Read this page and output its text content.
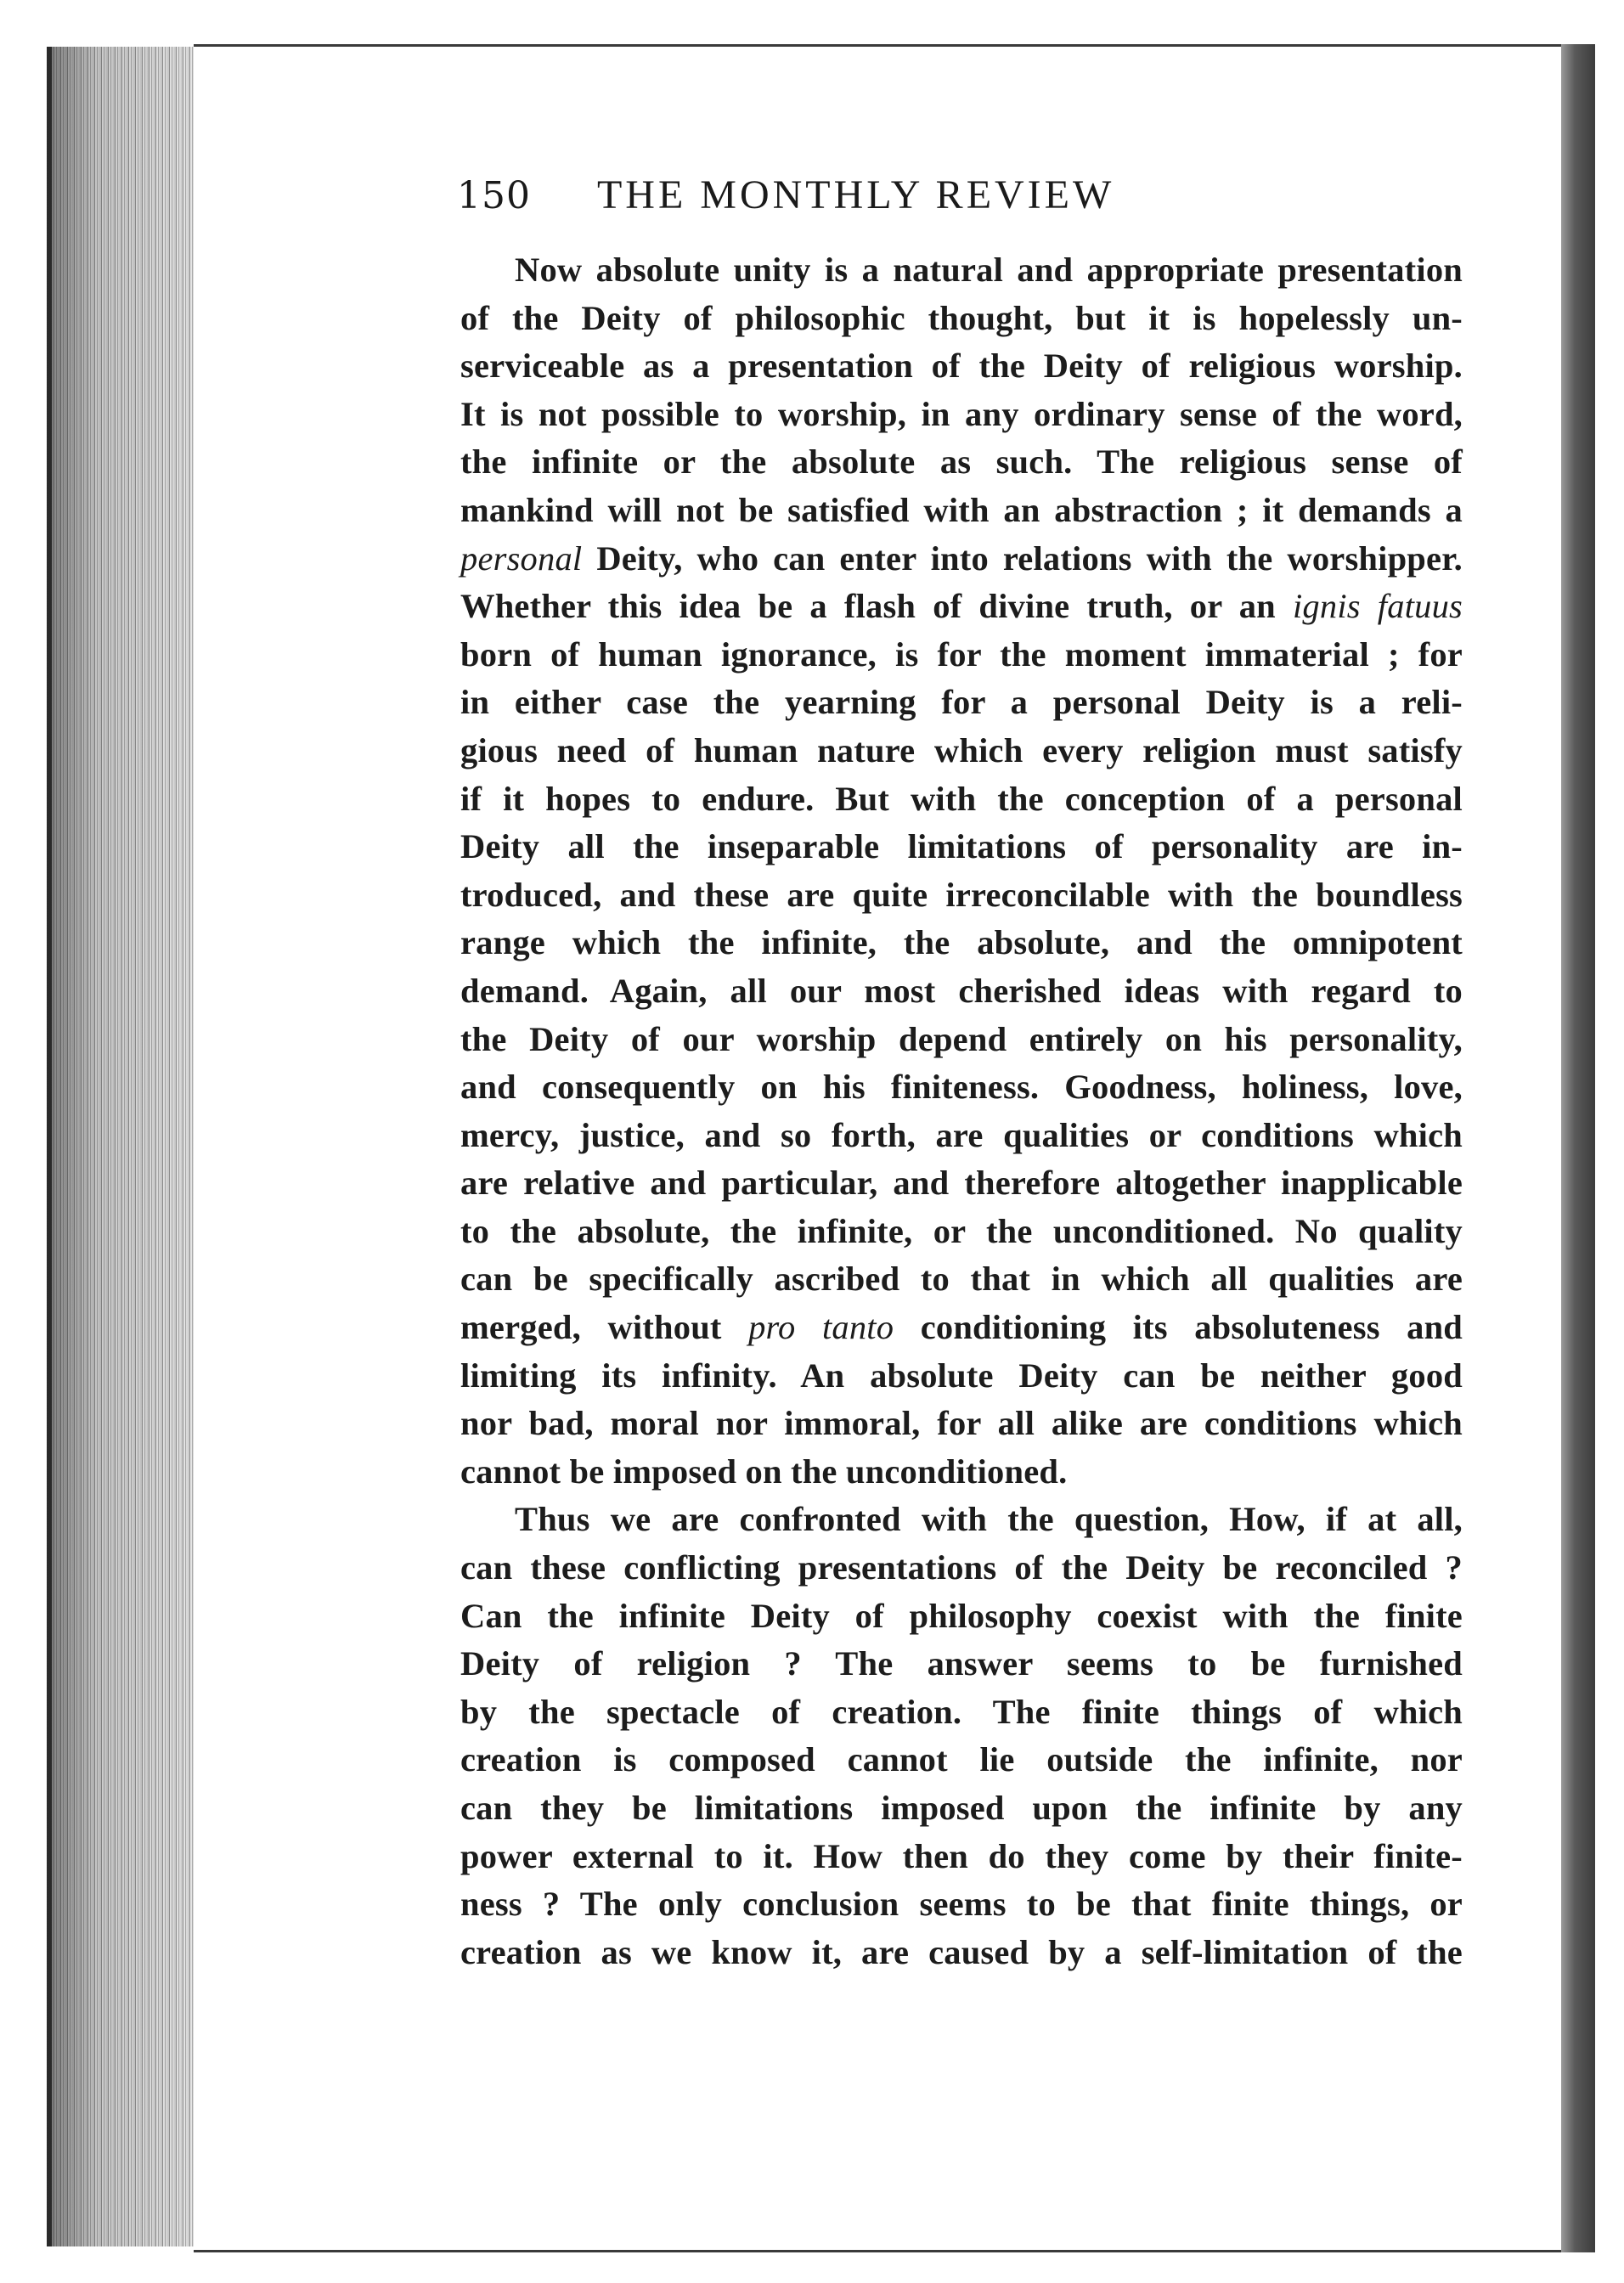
150 THE MONTHLY REVIEW
Now absolute unity is a natural and appropriate presentation
of the Deity of philosophic thought, but it is hopelessly un-
serviceable as a presentation of the Deity of religious worship.
It is not possible to worship, in any ordinary sense of the word,
the infinite or the absolute as such. The religious sense of
mankind will not be satisfied with an abstraction ; it demands a
personal Deity, who can enter into relations with the worshipper.
Whether this idea be a flash of divine truth, or an ignis fatuus
born of human ignorance, is for the moment immaterial ; for
in either case the yearning for a personal Deity is a reli-
gious need of human nature which every religion must satisfy
if it hopes to endure. But with the conception of a personal
Deity all the inseparable limitations of personality are in-
troduced, and these are quite irreconcilable with the boundless
range which the infinite, the absolute, and the omnipotent
demand. Again, all our most cherished ideas with regard to
the Deity of our worship depend entirely on his personality,
and consequently on his finiteness. Goodness, holiness, love,
mercy, justice, and so forth, are qualities or conditions which
are relative and particular, and therefore altogether inapplicable
to the absolute, the infinite, or the unconditioned. No quality
can be specifically ascribed to that in which all qualities are
merged, without pro tanto conditioning its absoluteness and
limiting its infinity. An absolute Deity can be neither good
nor bad, moral nor immoral, for all alike are conditions which
cannot be imposed on the unconditioned.
Thus we are confronted with the question, How, if at all,
can these conflicting presentations of the Deity be reconciled ?
Can the infinite Deity of philosophy coexist with the finite
Deity of religion ? The answer seems to be furnished
by the spectacle of creation. The finite things of which
creation is composed cannot lie outside the infinite, nor
can they be limitations imposed upon the infinite by any
power external to it. How then do they come by their finite-
ness ? The only conclusion seems to be that finite things, or
creation as we know it, are caused by a self-limitation of the
